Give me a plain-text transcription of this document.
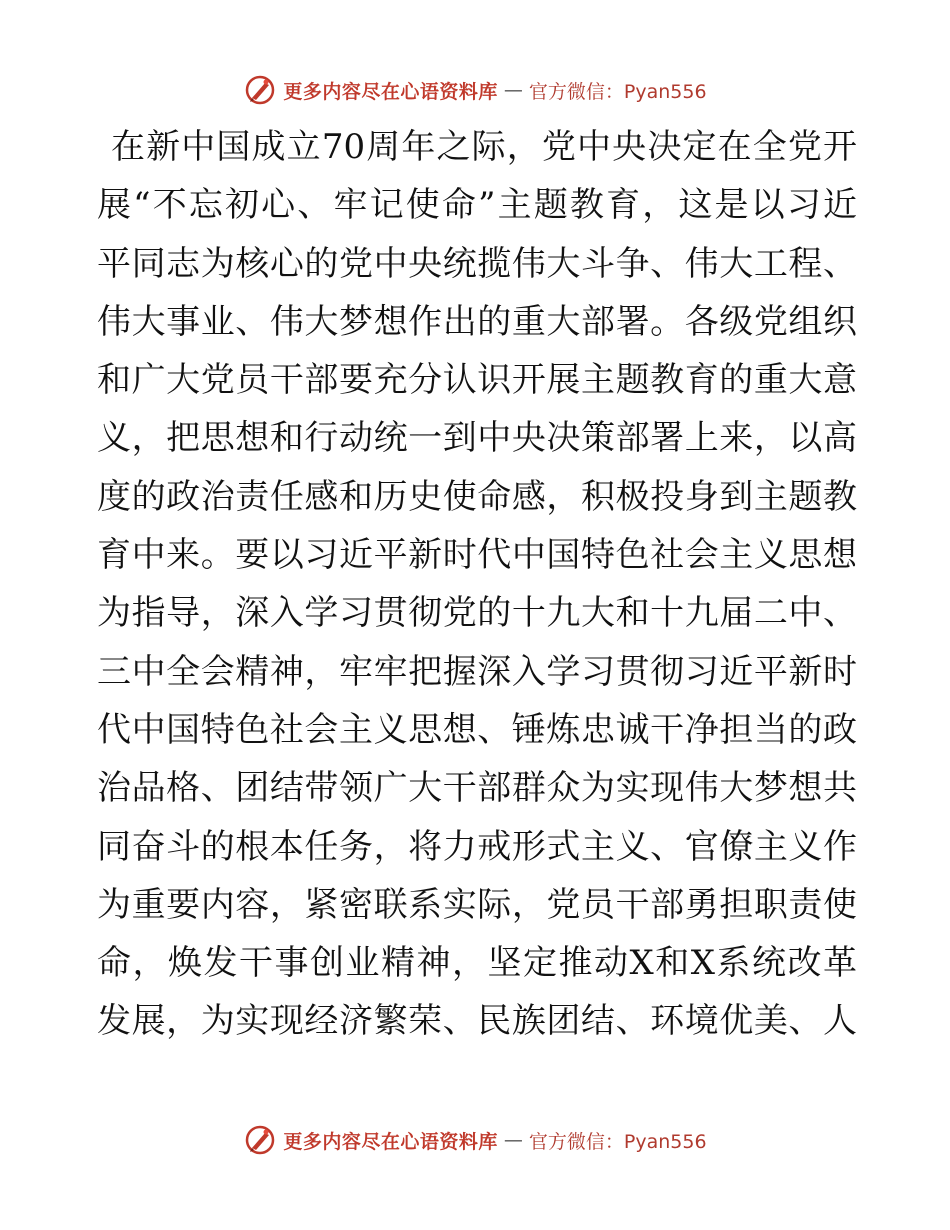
更多内容尽在心语资料库 — 官方微信：Pyan556
在新中国成立70周年之际，党中央决定在全党开
展“不忘初心、牢记使命”主题教育，这是以习近
平同志为核心的党中央统揽伟大斗争、伟大工程、
伟大事业、伟大梦想作出的重大部署。各级党组织
和广大党员干部要充分认识开展主题教育的重大意
义，把思想和行动统一到中央决策部署上来，以高
度的政治责任感和历史使命感，积极投身到主题教
育中来。要以习近平新时代中国特色社会主义思想
为指导，深入学习贯彻党的十九大和十九届二中、
三中全会精神，牢牢把握深入学习贯彻习近平新时
代中国特色社会主义思想、锤炼忠诚干净担当的政
治品格、团结带领广大干部群众为实现伟大梦想共
同奋斗的根本任务，将力戒形式主义、官僚主义作
为重要内容，紧密联系实际，党员干部勇担职责使
命，焕发干事创业精神，坚定推动X和X系统改革
发展，为实现经济繁荣、民族团结、环境优美、人
更多内容尽在心语资料库 — 官方微信：Pyan556
